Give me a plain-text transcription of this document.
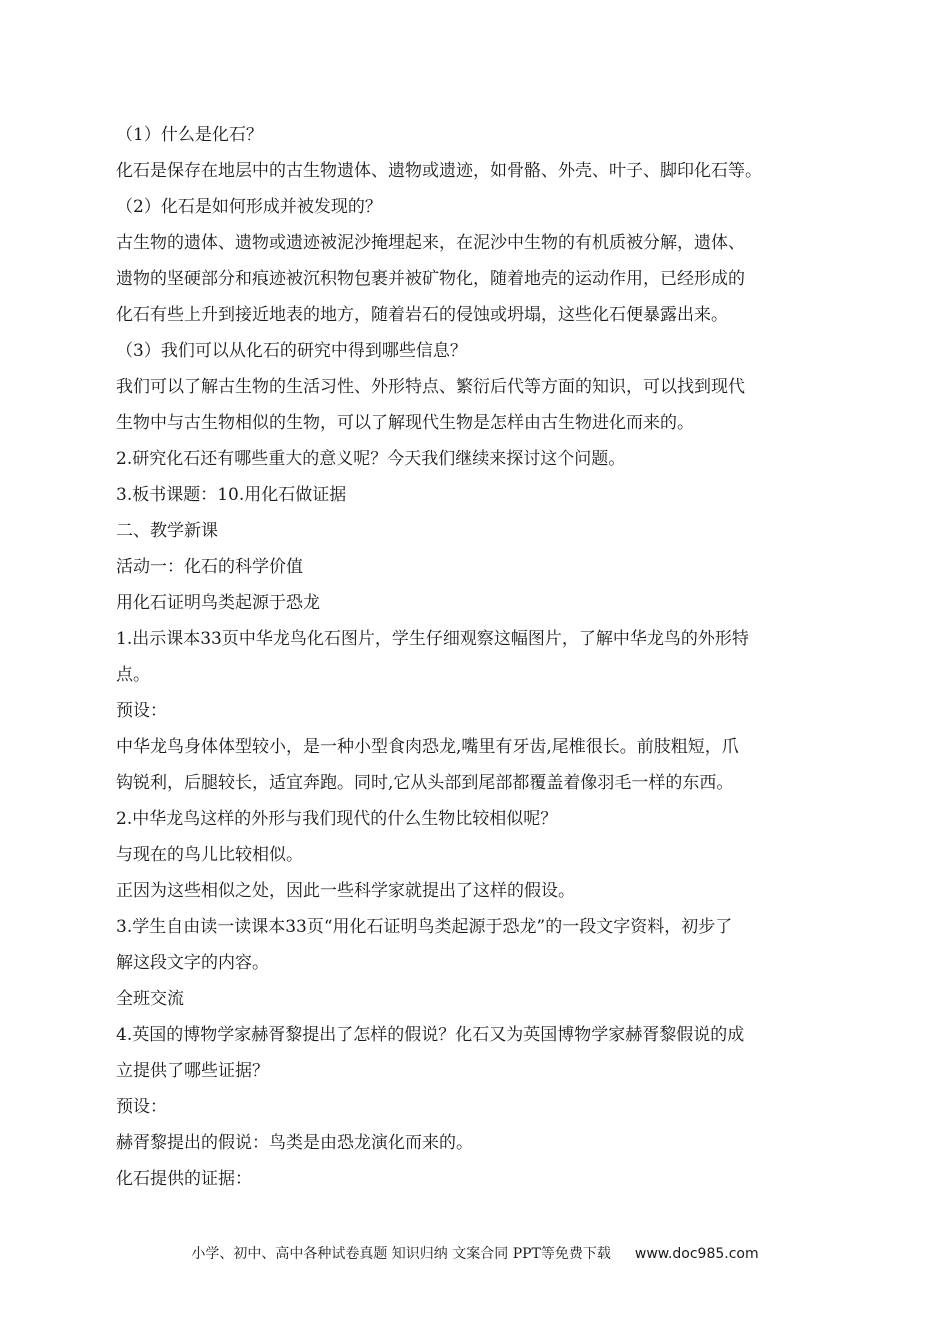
（1）什么是化石？
化石是保存在地层中的古生物遗体、遗物或遗迹，如骨骼、外壳、叶子、脚印化石等。
（2）化石是如何形成并被发现的？
古生物的遗体、遗物或遗迹被泥沙掩埋起来，在泥沙中生物的有机质被分解，遗体、
遗物的坚硬部分和痕迹被沉积物包裹并被矿物化，随着地壳的运动作用，已经形成的
化石有些上升到接近地表的地方，随着岩石的侵蚀或坍塌，这些化石便暴露出来。
（3）我们可以从化石的研究中得到哪些信息？
我们可以了解古生物的生活习性、外形特点、繁衍后代等方面的知识，可以找到现代
生物中与古生物相似的生物，可以了解现代生物是怎样由古生物进化而来的。
2.研究化石还有哪些重大的意义呢？今天我们继续来探讨这个问题。
3.板书课题：10.用化石做证据
二、教学新课
活动一：化石的科学价值
用化石证明鸟类起源于恐龙
1.出示课本33页中华龙鸟化石图片，学生仔细观察这幅图片，了解中华龙鸟的外形特
点。
预设：
中华龙鸟身体体型较小，是一种小型食肉恐龙,嘴里有牙齿,尾椎很长。前肢粗短，爪
钩锐利，后腿较长，适宜奔跑。同时,它从头部到尾部都覆盖着像羽毛一样的东西。
2.中华龙鸟这样的外形与我们现代的什么生物比较相似呢？
与现在的鸟儿比较相似。
正因为这些相似之处，因此一些科学家就提出了这样的假设。
3.学生自由读一读课本33页“用化石证明鸟类起源于恐龙”的一段文字资料，初步了
解这段文字的内容。
全班交流
4.英国的博物学家赫胥黎提出了怎样的假说？化石又为英国博物学家赫胥黎假说的成
立提供了哪些证据？
预设：
赫胥黎提出的假说：鸟类是由恐龙演化而来的。
化石提供的证据：
小学、初中、高中各种试卷真题 知识归纳 文案合同 PPT等免费下载 www.doc985.com
